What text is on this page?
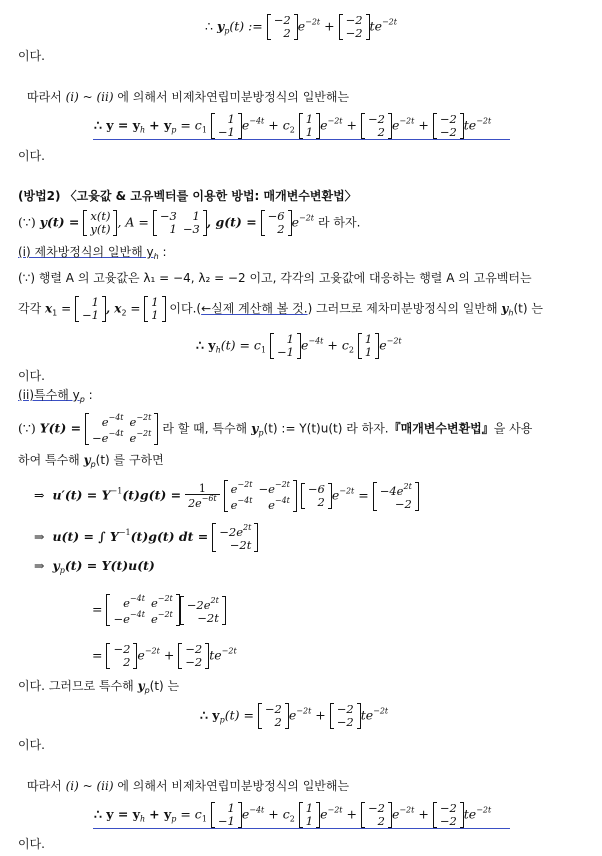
∴ $y_p(t)$ := −2
2 $e^{-2t} + -2$
−2 $te^{-2t}$
이다.
따라서 (i) ~ (ii) 에 의해서 비제차연립미분방정식의 일반해는
∴ $y = y_h + y_p = c_1$
1
−1 $e^{-4t} + c_2$
1
1 $e^{-2t} + -2$
2 $e^{-2t} + -2$
−2 $te^{-2t}$
이다.
(방법2) 〈고윳값 & 고유벡터를 이용한 방법: 매개변수변환법〉
(∵) y(t) = x(t)
y(t) , A = −3	1
1	−3 , g(t) = −6
2 $e^{-2t}$ 라 하자.
(i) 제차방정식의 일반해 $y_h$ :
(∵) 행렬 A 의 고윳값은 λ₁ = −4, λ₂ = −2 이고, 각각의 고윳값에 대응하는 행렬 A 의 고유벡터는
각각 $x_1 = 1$
−1 , $x_2 = 1$
1 이다.(←실제 계산해 볼 것.) 그러므로 제차미분방정식의 일반해 $y_h(t)$ 는
∴ $y_h(t) = c_1$
1
−1 $e^{-4t} + c_2$
1
1 $e^{-2t}$
이다.
(ii)특수해 $y_p$ :
(∵) $Y(t) = e^{-4t}$	$e^{-2t}$
$-e^{-4t}$	$e^{-2t}$ 라 할 때, 특수해 $y_p(t)$ := Y(t)u(t) 라 하자.『매개변수변환법』을 사용
하여 특수해 $y_p(t)$ 를 구하면
⇒ $u'(t) = Y^{-1}(t)g(t) = \frac{1}{2e^{-6t}}$
$e^{-2t}$	$-e^{-2t}$
$e^{-4t}$	$e^{-4t}$

−6
2 $e^{-2t} = -4e^{2t}$
−2
⇒ u(t) = ∫ $Y^{-1}(t)g(t)$ dt = $-2e^{2t}$
−2t
⇒ $y_p(t) = Y(t)u(t)$
= $e^{-4t}$	$e^{-2t}$
$-e^{-4t}$	$e^{-2t}$
$-2e^{2t}$
−2t
= −2
2 $e^{-2t} + -2$
−2 $te^{-2t}$
이다. 그러므로 특수해 $y_p(t)$ 는
∴ $y_p(t) = -2$
2 $e^{-2t} + -2$
−2 $te^{-2t}$
이다.
따라서 (i) ~ (ii) 에 의해서 비제차연립미분방정식의 일반해는
∴ $y = y_h + y_p = c_1$
1
−1 $e^{-4t} + c_2$
1
1 $e^{-2t} + -2$
2 $e^{-2t} + -2$
−2 $te^{-2t}$
이다.
